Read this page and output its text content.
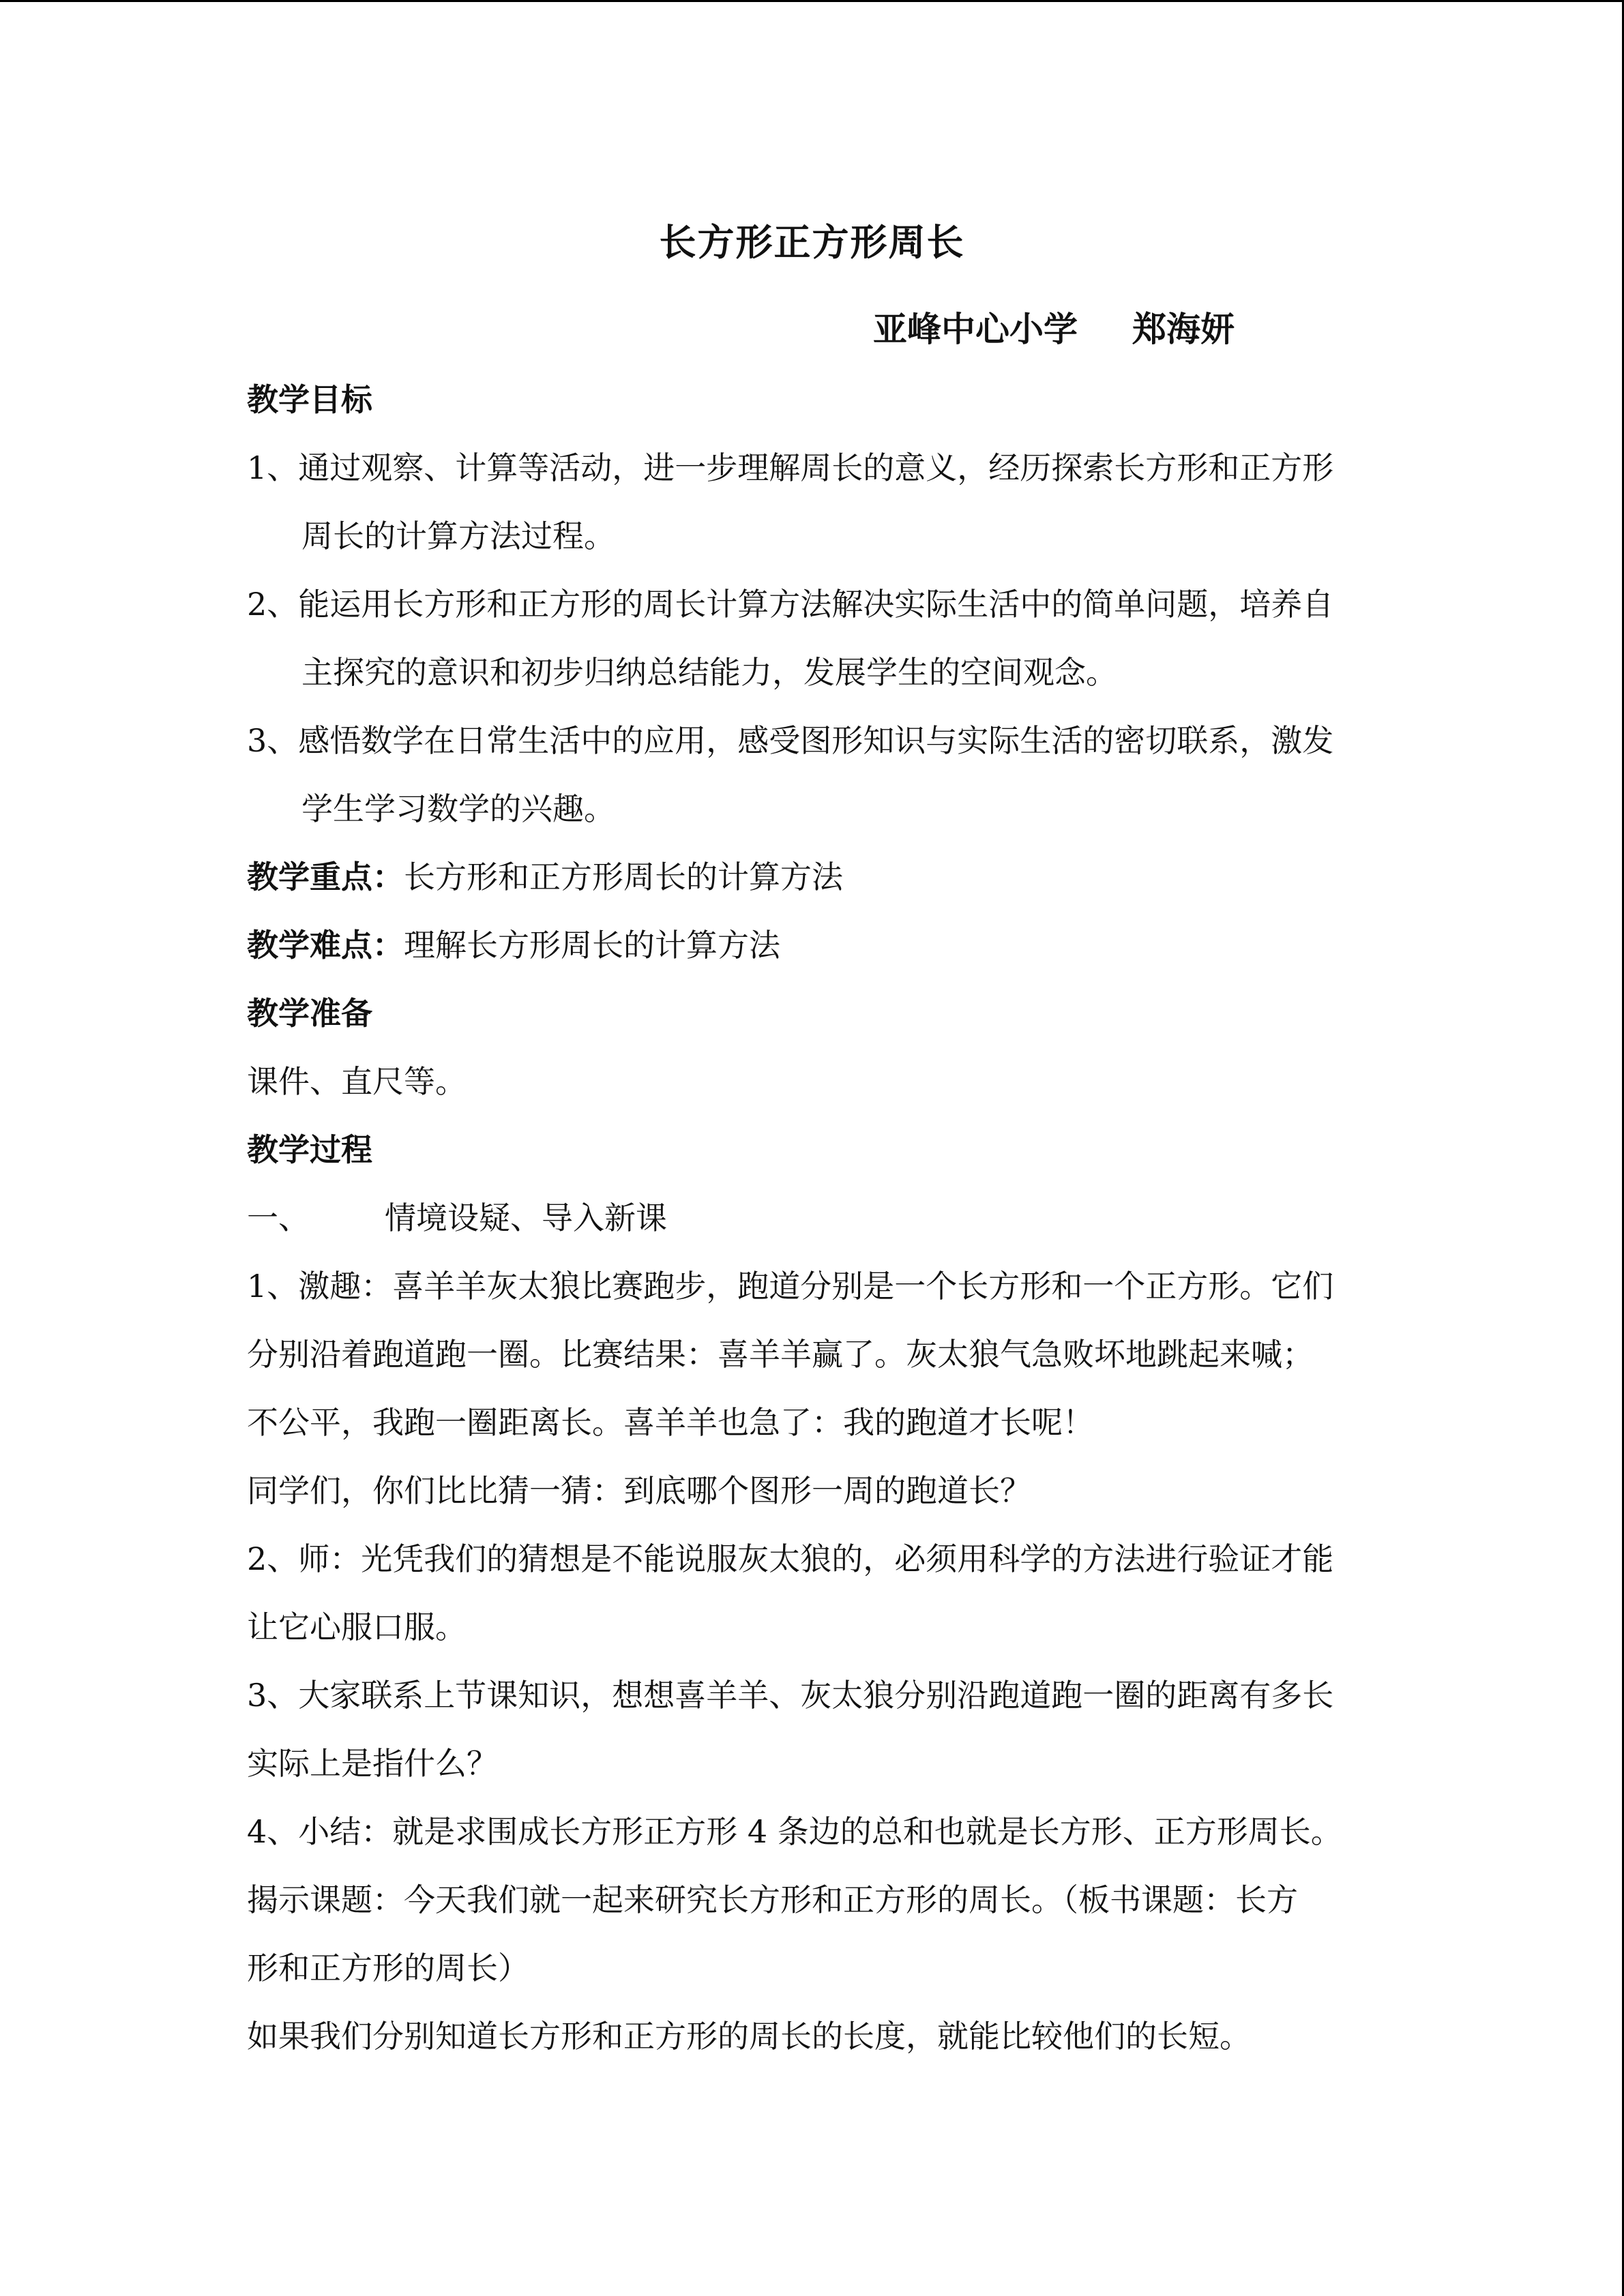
长方形正方形周长
亚峰中心小学 郑海妍
教学目标
1、通过观察、计算等活动，进一步理解周长的意义，经历探索长方形和正方形
周长的计算方法过程。
2、能运用长方形和正方形的周长计算方法解决实际生活中的简单问题，培养自
主探究的意识和初步归纳总结能力，发展学生的空间观念。
3、感悟数学在日常生活中的应用，感受图形知识与实际生活的密切联系，激发
学生学习数学的兴趣。
教学重点：长方形和正方形周长的计算方法
教学难点：理解长方形周长的计算方法
教学准备
课件、直尺等。
教学过程
一、 情境设疑、导入新课
1、激趣：喜羊羊灰太狼比赛跑步，跑道分别是一个长方形和一个正方形。它们
分别沿着跑道跑一圈。比赛结果：喜羊羊赢了。灰太狼气急败坏地跳起来喊；
不公平，我跑一圈距离长。喜羊羊也急了：我的跑道才长呢！
同学们，你们比比猜一猜：到底哪个图形一周的跑道长？
2、师：光凭我们的猜想是不能说服灰太狼的，必须用科学的方法进行验证才能
让它心服口服。
3、大家联系上节课知识，想想喜羊羊、灰太狼分别沿跑道跑一圈的距离有多长
实际上是指什么？
4、小结：就是求围成长方形正方形 4 条边的总和也就是长方形、正方形周长。
揭示课题：今天我们就一起来研究长方形和正方形的周长。（板书课题：长方
形和正方形的周长）
如果我们分别知道长方形和正方形的周长的长度，就能比较他们的长短。
